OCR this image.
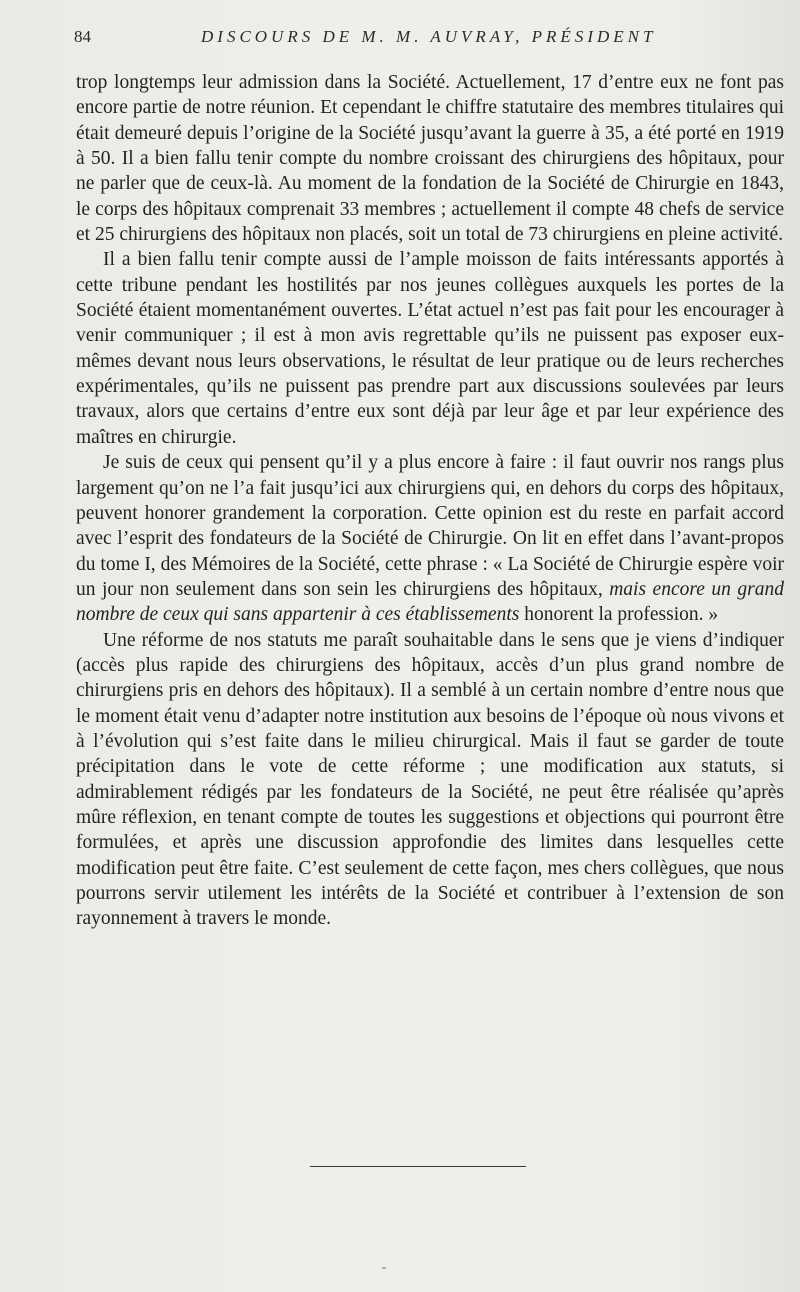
84	DISCOURS DE M. M. AUVRAY, PRÉSIDENT

trop longtemps leur admission dans la Société. Actuellement, 17 d’entre eux ne font pas encore partie de notre réunion. Et cependant le chiffre statutaire des membres titulaires qui était demeuré depuis l’origine de la Société jusqu’avant la guerre à 35, a été porté en 1919 à 50. Il a bien fallu tenir compte du nombre croissant des chirurgiens des hôpitaux, pour ne parler que de ceux-là. Au moment de la fondation de la Société de Chirurgie en 1843, le corps des hôpitaux comprenait 33 membres ; actuellement il compte 48 chefs de service et 25 chirurgiens des hôpitaux non placés, soit un total de 73 chirurgiens en pleine activité.

Il a bien fallu tenir compte aussi de l’ample moisson de faits intéressants apportés à cette tribune pendant les hostilités par nos jeunes collègues auxquels les portes de la Société étaient momentanément ouvertes. L’état actuel n’est pas fait pour les encourager à venir communiquer ; il est à mon avis regrettable qu’ils ne puissent pas exposer eux-mêmes devant nous leurs observations, le résultat de leur pratique ou de leurs recherches expérimentales, qu’ils ne puissent pas prendre part aux discussions soulevées par leurs travaux, alors que certains d’entre eux sont déjà par leur âge et par leur expérience des maîtres en chirurgie.

Je suis de ceux qui pensent qu’il y a plus encore à faire : il faut ouvrir nos rangs plus largement qu’on ne l’a fait jusqu’ici aux chirurgiens qui, en dehors du corps des hôpitaux, peuvent honorer grandement la corporation. Cette opinion est du reste en parfait accord avec l’esprit des fondateurs de la Société de Chirurgie. On lit en effet dans l’avant-propos du tome I, des Mémoires de la Société, cette phrase : « La Société de Chirurgie espère voir un jour non seulement dans son sein les chirurgiens des hôpitaux, mais encore un grand nombre de ceux qui sans appartenir à ces établissements honorent la profession. »

Une réforme de nos statuts me paraît souhaitable dans le sens que je viens d’indiquer (accès plus rapide des chirurgiens des hôpitaux, accès d’un plus grand nombre de chirurgiens pris en dehors des hôpitaux). Il a semblé à un certain nombre d’entre nous que le moment était venu d’adapter notre institution aux besoins de l’époque où nous vivons et à l’évolution qui s’est faite dans le milieu chirurgical. Mais il faut se garder de toute précipitation dans le vote de cette réforme ; une modification aux statuts, si admirablement rédigés par les fondateurs de la Société, ne peut être réalisée qu’après mûre réflexion, en tenant compte de toutes les suggestions et objections qui pourront être formulées, et après une discussion approfondie des limites dans lesquelles cette modification peut être faite. C’est seulement de cette façon, mes chers collègues, que nous pourrons servir utilement les intérêts de la Société et contribuer à l’extension de son rayonnement à travers le monde.
